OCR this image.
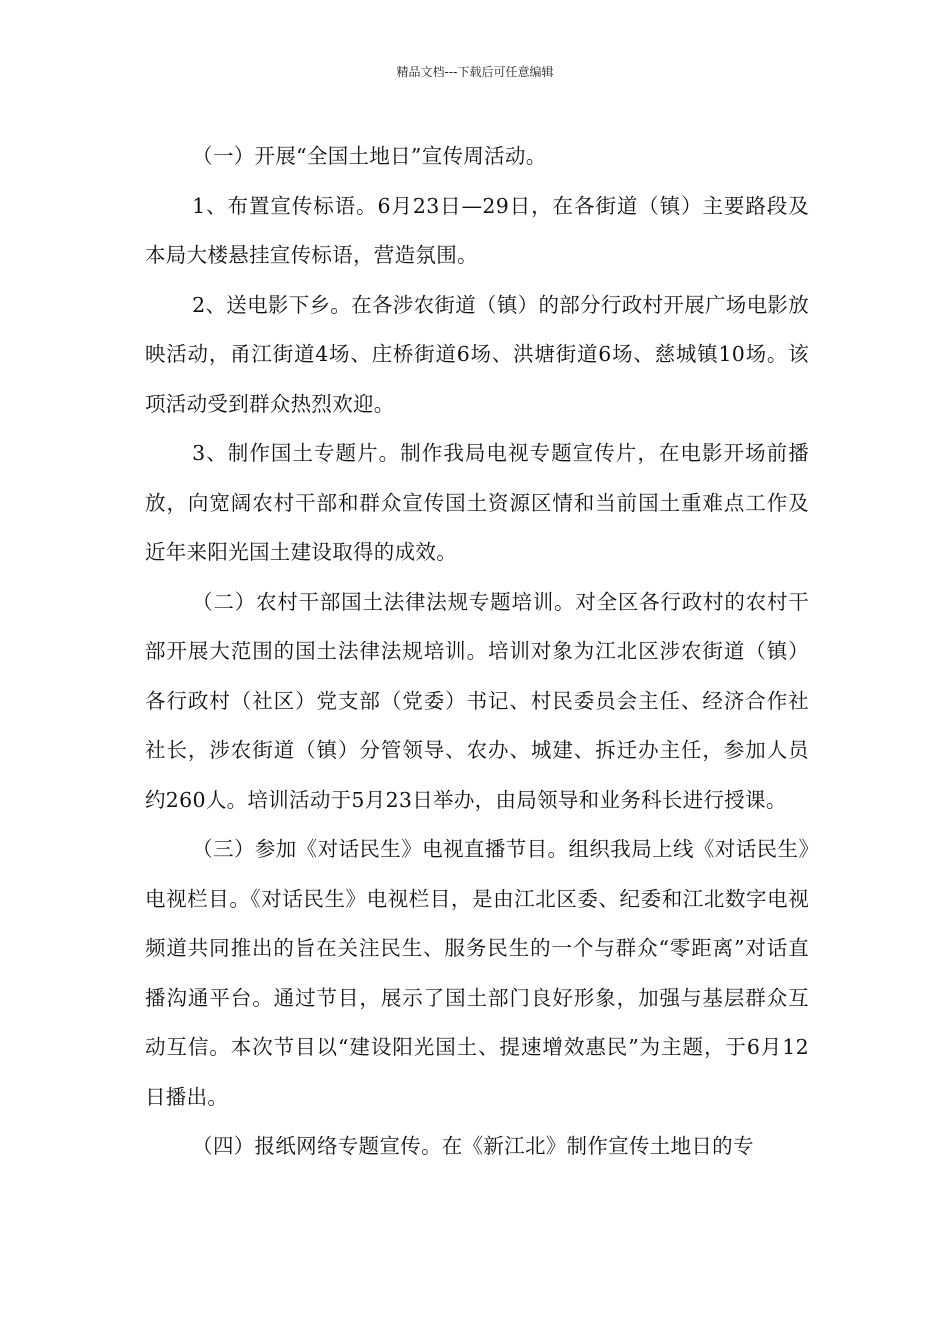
精品文档---下载后可任意编辑

（一）开展“全国土地日”宣传周活动。

1、布置宣传标语。6月23日—29日，在各街道（镇）主要路段及本局大楼悬挂宣传标语，营造氛围。

2、送电影下乡。在各涉农街道（镇）的部分行政村开展广场电影放映活动，甬江街道4场、庄桥街道6场、洪塘街道6场、慈城镇10场。该项活动受到群众热烈欢迎。

3、制作国土专题片。制作我局电视专题宣传片，在电影开场前播放，向宽阔农村干部和群众宣传国土资源区情和当前国土重难点工作及近年来阳光国土建设取得的成效。

（二）农村干部国土法律法规专题培训。对全区各行政村的农村干部开展大范围的国土法律法规培训。培训对象为江北区涉农街道（镇）各行政村（社区）党支部（党委）书记、村民委员会主任、经济合作社社长，涉农街道（镇）分管领导、农办、城建、拆迁办主任，参加人员约260人。培训活动于5月23日举办，由局领导和业务科长进行授课。

（三）参加《对话民生》电视直播节目。组织我局上线《对话民生》电视栏目。《对话民生》电视栏目，是由江北区委、纪委和江北数字电视频道共同推出的旨在关注民生、服务民生的一个与群众“零距离”对话直播沟通平台。通过节目，展示了国土部门良好形象，加强与基层群众互动互信。本次节目以“建设阳光国土、提速增效惠民”为主题，于6月12日播出。

（四）报纸网络专题宣传。在《新江北》制作宣传土地日的专
